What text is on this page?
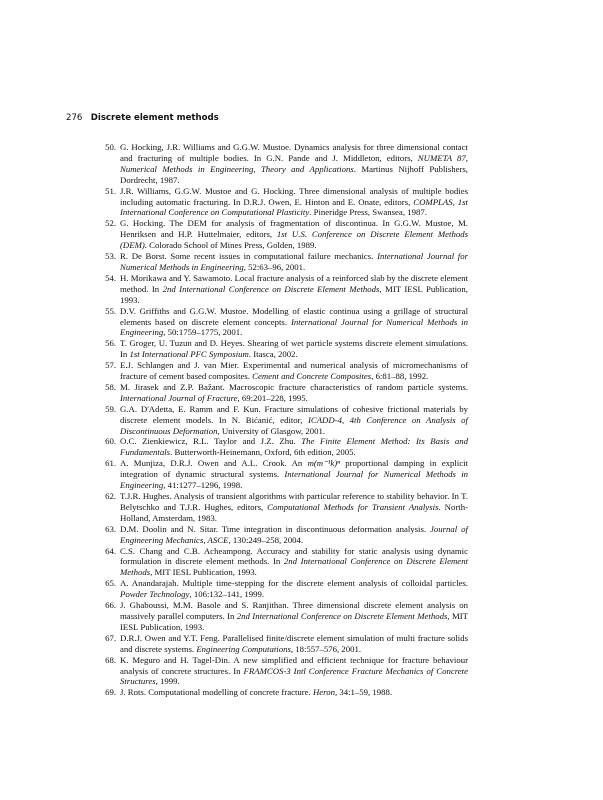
276 Discrete element methods
50. G. Hocking, J.R. Williams and G.G.W. Mustoe. Dynamics analysis for three dimensional contact and fracturing of multiple bodies. In G.N. Pande and J. Middleton, editors, NUMETA 87, Numerical Methods in Engineering, Theory and Applications. Martinus Nijhoff Publishers, Dordrecht, 1987.
51. J.R. Williams, G.G.W. Mustoe and G. Hocking. Three dimensional analysis of multiple bodies including automatic fracturing. In D.R.J. Owen, E. Hinton and E. Onate, editors, COMPLAS, 1st International Conference on Computational Plasticity. Pineridge Press, Swansea, 1987.
52. G. Hocking. The DEM for analysis of fragmentation of discontinua. In G.G.W. Mustoe, M. Henriksen and H.P. Huttelmaier, editors, 1st U.S. Conference on Discrete Element Methods (DEM). Colorado School of Mines Press, Golden, 1989.
53. R. De Borst. Some recent issues in computational failure mechanics. International Journal for Numerical Methods in Engineering, 52:63–96, 2001.
54. H. Morikawa and Y. Sawamoto. Local fracture analysis of a reinforced slab by the discrete element method. In 2nd International Conference on Discrete Element Methods, MIT IESL Publication, 1993.
55. D.V. Griffiths and G.G.W. Mustoe. Modelling of elastic continua using a grillage of structural elements based on discrete element concepts. International Journal for Numerical Methods in Engineering, 50:1759–1775, 2001.
56. T. Groger, U. Tuzun and D. Heyes. Shearing of wet particle systems discrete element simulations. In 1st International PFC Symposium. Itasca, 2002.
57. E.J. Schlangen and J. van Mier. Experimental and numerical analysis of micromechanisms of fracture of cement based composites. Cement and Concrete Composites, 6:81–88, 1992.
58. M. Jirasek and Z.P. Bažant. Macroscopic fracture characteristics of random particle systems. International Journal of Fracture, 69:201–228, 1995.
59. G.A. D'Adetta, E. Ramm and F. Kun. Fracture simulations of cohesive frictional materials by discrete element models. In N. Bićanić, editor, ICADD-4, 4th Conference on Analysis of Discontinuous Deformation, University of Glasgow, 2001.
60. O.C. Zienkiewicz, R.L. Taylor and J.Z. Zhu. The Finite Element Method: Its Basis and Fundamentals. Butterworth-Heinemann, Oxford, 6th edition, 2005.
61. A. Munjiza, D.R.J. Owen and A.L. Crook. An m(m⁻¹k)ⁿ proportional damping in explicit integration of dynamic structural systems. International Journal for Numerical Methods in Engineering, 41:1277–1296, 1998.
62. T.J.R. Hughes. Analysis of transient algorithms with particular reference to stability behavior. In T. Belytschko and T.J.R. Hughes, editors, Computational Methods for Transient Analysis. North-Holland, Amsterdam, 1983.
63. D.M. Doolin and N. Sitar. Time integration in discontinuous deformation analysis. Journal of Engineering Mechanics, ASCE, 130:249–258, 2004.
64. C.S. Chang and C.B. Acheampong. Accuracy and stability for static analysis using dynamic formulation in discrete element methods. In 2nd International Conference on Discrete Element Methods, MIT IESL Publication, 1993.
65. A. Anandarajah. Multiple time-stepping for the discrete element analysis of colloidal particles. Powder Technology, 106:132–141, 1999.
66. J. Ghaboussi, M.M. Basole and S. Ranjithan. Three dimensional discrete element analysis on massively parallel computers. In 2nd International Conference on Discrete Element Methods, MIT IESL Publication, 1993.
67. D.R.J. Owen and Y.T. Feng. Parallelised finite/discrete element simulation of multi fracture solids and discrete systems. Engineering Computations, 18:557–576, 2001.
68. K. Meguro and H. Tagel-Din. A new simplified and efficient technique for fracture behaviour analysis of concrete structures. In FRAMCOS-3 Intl Conference Fracture Mechanics of Concrete Structures, 1999.
69. J. Rots. Computational modelling of concrete fracture. Heron, 34:1–59, 1988.
